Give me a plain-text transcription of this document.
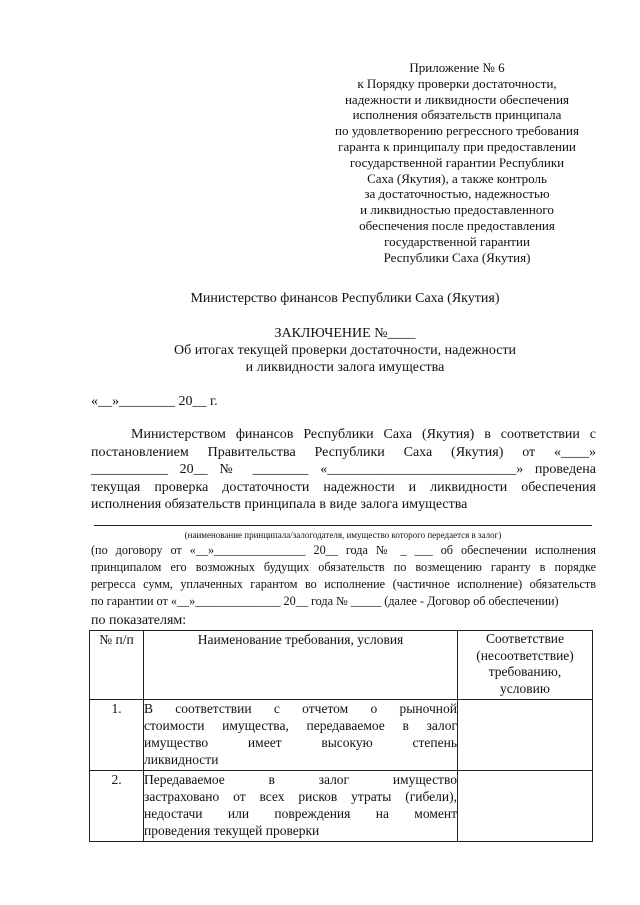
Приложение № 6
к Порядку проверки достаточности,
надежности и ликвидности обеспечения
исполнения обязательств принципала
по удовлетворению регрессного требования
гаранта к принципалу при предоставлении
государственной гарантии Республики
Саха (Якутия), а также контроль
за достаточностью, надежностью
и ликвидностью предоставленного
обеспечения после предоставления
государственной гарантии
Республики Саха (Якутия)
Министерство финансов Республики Саха (Якутия)
ЗАКЛЮЧЕНИЕ №____
Об итогах текущей проверки достаточности, надежности
и ликвидности залога имущества
«__»________ 20__ г.
Министерством финансов Республики Саха (Якутия) в соответствии с
постановлением Правительства Республики Саха (Якутия) от «____»
___________ 20__ № ________ «___________________________» проведена
текущая проверка достаточности надежности и ликвидности обеспечения
исполнения обязательств принципала в виде залога имущества
(наименование принципала/залогодателя, имущество которого передается в залог)
(по договору от «__»_______________ 20__ года № _ ___ об обеспечении исполнения
принципалом его возможных будущих обязательств по возмещению гаранту в порядке
регресса сумм, уплаченных гарантом во исполнение (частичное исполнение) обязательств
по гарантии от «__»______________ 20__ года № _____ (далее - Договор об обеспечении)
по показателям:
№ п/п	Наименование требования, условия	Соответствие
(несоответствие)
требованию,
условию

1.	В соответствии с отчетом о рыночной
стоимости имущества, передаваемое в залог
имущество имеет высокую степень
ликвидности	

2.	Передаваемое в залог имущество
застраховано от всех рисков утраты (гибели),
недостачи или повреждения на момент
проведения текущей проверки	
